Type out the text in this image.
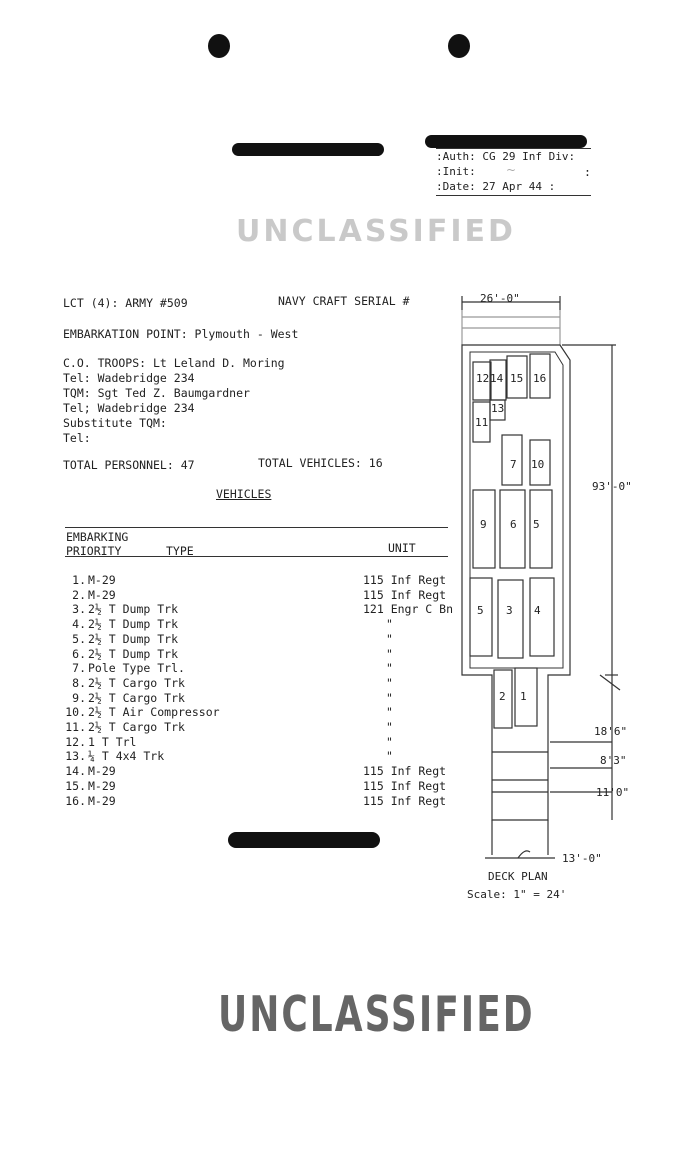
:Auth: CG 29 Inf Div:
:Init:	~	:
:Date: 27 Apr 44 :
UNCLASSIFIED
LCT (4): ARMY #509	NAVY CRAFT SERIAL #
EMBARKATION POINT: Plymouth - West
C.O. TROOPS: Lt Leland D. Moring
Tel: Wadebridge 234
TQM: Sgt Ted Z. Baumgardner
Tel; Wadebridge 234
Substitute TQM:
Tel:
TOTAL PERSONNEL: 47	TOTAL VEHICLES: 16
VEHICLES
EMBARKING
PRIORITY	TYPE	UNIT
1. M-29	115 Inf Regt
2. M-29	115 Inf Regt
3. 2½ T Dump Trk	121 Engr C Bn
4. 2½ T Dump Trk	"
5. 2½ T Dump Trk	"
6. 2½ T Dump Trk	"
7. Pole Type Trl.	"
8. 2½ T Cargo Trk	"
9. 2½ T Cargo Trk	"
10. 2½ T Air Compressor	"
11. 2½ T Cargo Trk	"
12. 1 T Trl	"
13. ¼ T 4x4 Trk	"
14. M-29	115 Inf Regt
15. M-29	115 Inf Regt
16. M-29	115 Inf Regt
UNCLASSIFIED
26'-0"
13'-0"
93'-0"
18'6"
8'3"
11'0"
DECK PLAN
Scale: 1" = 24'
12 14 15 16
13
11
7 10
9 6 5
5 3 4
2 1
